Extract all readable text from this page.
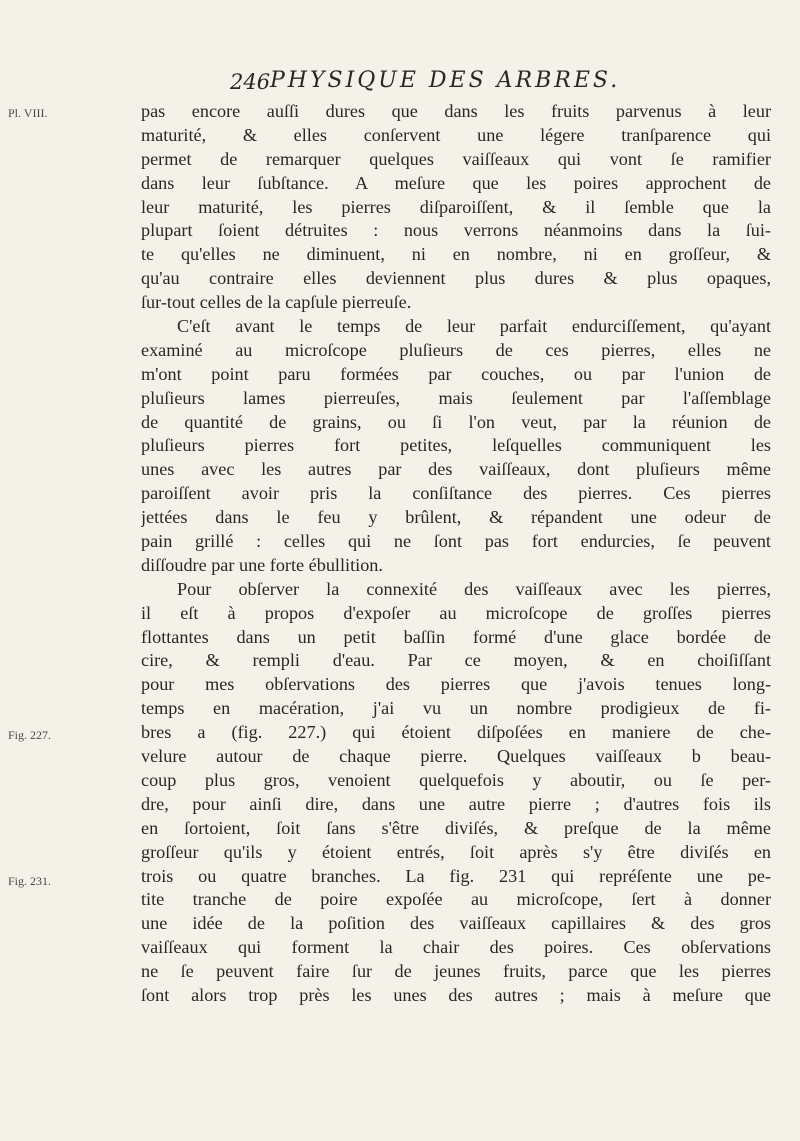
246 PHYSIQUE DES ARBRES.
Pl. VIII.
Fig. 227.
Fig. 231.
pas encore auſſi dures que dans les fruits parvenus à leur
maturité, & elles conſervent une légere tranſparence qui
permet de remarquer quelques vaiſſeaux qui vont ſe ramifier
dans leur ſubſtance. A meſure que les poires approchent de
leur maturité, les pierres diſparoiſſent, & il ſemble que la
plupart ſoient détruites : nous verrons néanmoins dans la ſui-
te qu'elles ne diminuent, ni en nombre, ni en groſſeur, &
qu'au contraire elles deviennent plus dures & plus opaques,
ſur-tout celles de la capſule pierreuſe.
C'eſt avant le temps de leur parfait endurciſſement, qu'ayant
examiné au microſcope pluſieurs de ces pierres, elles ne
m'ont point paru formées par couches, ou par l'union de
pluſieurs lames pierreuſes, mais ſeulement par l'aſſemblage
de quantité de grains, ou ſi l'on veut, par la réunion de
pluſieurs pierres fort petites, leſquelles communiquent les
unes avec les autres par des vaiſſeaux, dont pluſieurs même
paroiſſent avoir pris la conſiſtance des pierres. Ces pierres
jettées dans le feu y brûlent, & répandent une odeur de
pain grillé : celles qui ne ſont pas fort endurcies, ſe peuvent
diſſoudre par une forte ébullition.
Pour obſerver la connexité des vaiſſeaux avec les pierres,
il eſt à propos d'expoſer au microſcope de groſſes pierres
flottantes dans un petit baſſin formé d'une glace bordée de
cire, & rempli d'eau. Par ce moyen, & en choiſiſſant
pour mes obſervations des pierres que j'avois tenues long-
temps en macération, j'ai vu un nombre prodigieux de fi-
bres a (fig. 227.) qui étoient diſpoſées en maniere de che-
velure autour de chaque pierre. Quelques vaiſſeaux b beau-
coup plus gros, venoient quelquefois y aboutir, ou ſe per-
dre, pour ainſi dire, dans une autre pierre ; d'autres fois ils
en ſortoient, ſoit ſans s'être diviſés, & preſque de la même
groſſeur qu'ils y étoient entrés, ſoit après s'y être diviſés en
trois ou quatre branches. La fig. 231 qui repréſente une pe-
tite tranche de poire expoſée au microſcope, ſert à donner
une idée de la poſition des vaiſſeaux capillaires & des gros
vaiſſeaux qui forment la chair des poires. Ces obſervations
ne ſe peuvent faire ſur de jeunes fruits, parce que les pierres
ſont alors trop près les unes des autres ; mais à meſure que
